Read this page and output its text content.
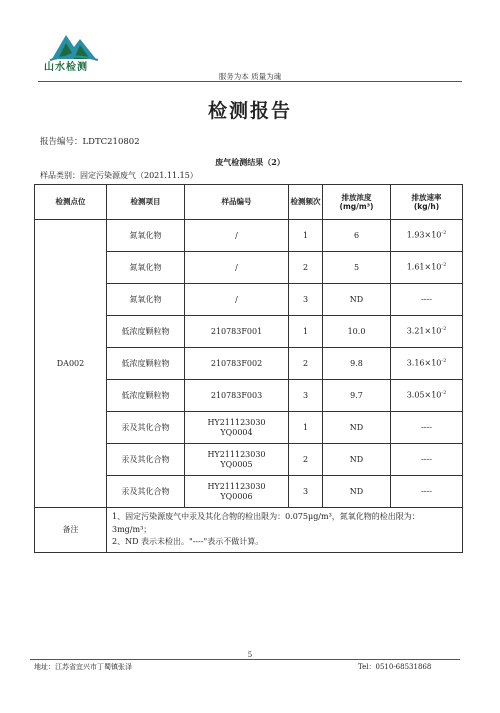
山水检测
服务为本 质量为魂
检测报告
报告编号：LDTC210802
废气检测结果（2）
样品类别：固定污染源废气（2021.11.15）
检测点位	检测项目	样品编号	检测频次	排放浓度
(mg/m³)	排放速率
(kg/h)
DA002	氮氧化物	/	1	6	$1.93\times 10^{-2}$
	氮氧化物	/	2	5	$1.61\times 10^{-2}$
	氮氧化物	/	3	ND	----
	低浓度颗粒物	210783F001	1	10.0	$3.21\times 10^{-2}$
	低浓度颗粒物	210783F002	2	9.8	$3.16\times 10^{-2}$
	低浓度颗粒物	210783F003	3	9.7	$3.05\times 10^{-2}$
	汞及其化合物	HY211123030
YQ0004	1	ND	----
	汞及其化合物	HY211123030
YQ0005	2	ND	----
	汞及其化合物	HY211123030
YQ0006	3	ND	----
备注	1、固定污染源废气中汞及其化合物的检出限为：0.075μg/m³，氮氧化物的检出限为：3mg/m³；
2、ND 表示未检出。"----"表示不做计算。				
5
地址：江苏省宜兴市丁蜀镇张泽	Tel：0510-68531868
